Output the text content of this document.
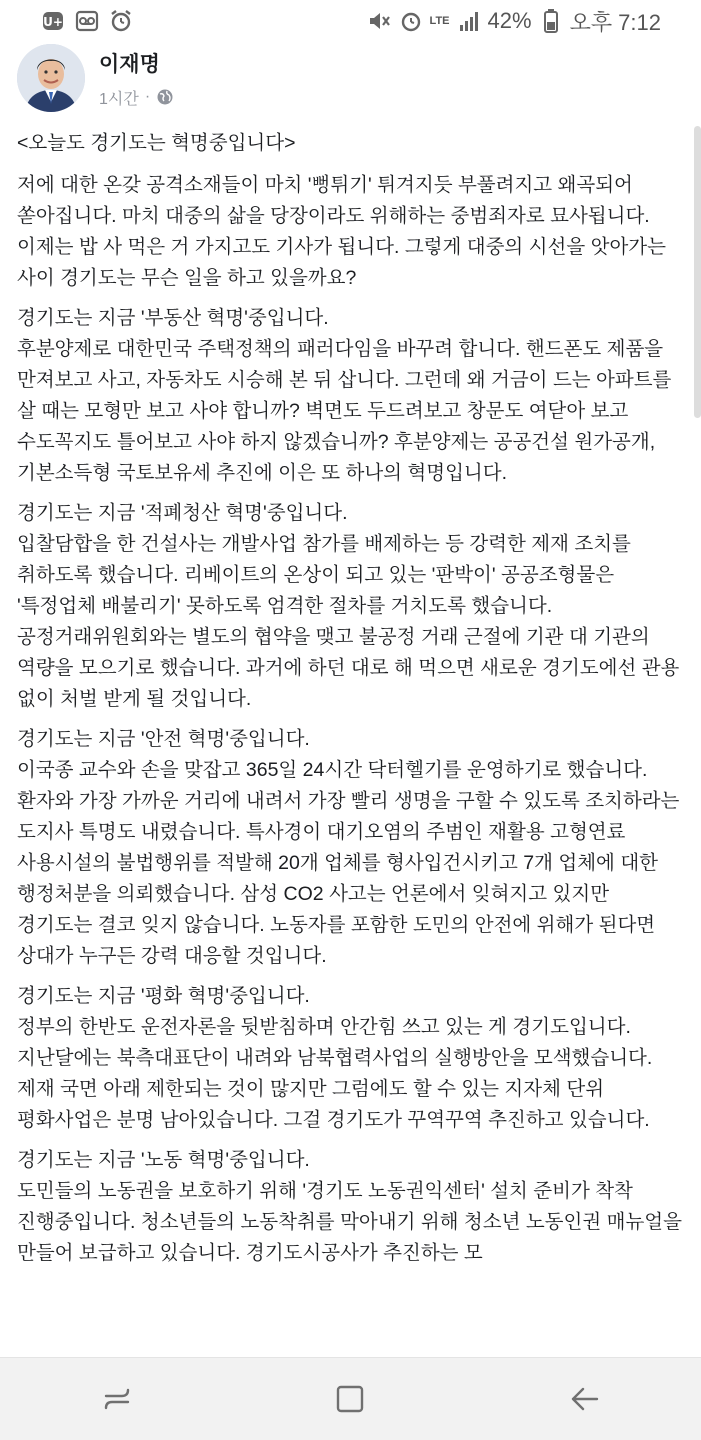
U+	LTE 42% 오후 7:12
이재명
1시간 ·

<오늘도 경기도는 혁명중입니다>

저에 대한 온갖 공격소재들이 마치 '뻥튀기' 튀겨지듯 부풀려지고 왜곡되어 쏟아집니다. 마치 대중의 삶을 당장이라도 위해하는 중범죄자로 묘사됩니다. 이제는 밥 사 먹은 거 가지고도 기사가 됩니다. 그렇게 대중의 시선을 앗아가는 사이 경기도는 무슨 일을 하고 있을까요?

경기도는 지금 '부동산 혁명'중입니다.
후분양제로 대한민국 주택정책의 패러다임을 바꾸려 합니다. 핸드폰도 제품을 만져보고 사고, 자동차도 시승해 본 뒤 삽니다. 그런데 왜 거금이 드는 아파트를 살 때는 모형만 보고 사야 합니까? 벽면도 두드려보고 창문도 여닫아 보고 수도꼭지도 틀어보고 사야 하지 않겠습니까? 후분양제는 공공건설 원가공개, 기본소득형 국토보유세 추진에 이은 또 하나의 혁명입니다.

경기도는 지금 '적폐청산 혁명'중입니다.
입찰담합을 한 건설사는 개발사업 참가를 배제하는 등 강력한 제재 조치를 취하도록 했습니다. 리베이트의 온상이 되고 있는 '판박이' 공공조형물은 '특정업체 배불리기' 못하도록 엄격한 절차를 거치도록 했습니다. 공정거래위원회와는 별도의 협약을 맺고 불공정 거래 근절에 기관 대 기관의 역량을 모으기로 했습니다. 과거에 하던 대로 해 먹으면 새로운 경기도에선 관용 없이 처벌 받게 될 것입니다.

경기도는 지금 '안전 혁명'중입니다.
이국종 교수와 손을 맞잡고 365일 24시간 닥터헬기를 운영하기로 했습니다. 환자와 가장 가까운 거리에 내려서 가장 빨리 생명을 구할 수 있도록 조치하라는 도지사 특명도 내렸습니다. 특사경이 대기오염의 주범인 재활용 고형연료 사용시설의 불법행위를 적발해 20개 업체를 형사입건시키고 7개 업체에 대한 행정처분을 의뢰했습니다. 삼성 CO2 사고는 언론에서 잊혀지고 있지만 경기도는 결코 잊지 않습니다. 노동자를 포함한 도민의 안전에 위해가 된다면 상대가 누구든 강력 대응할 것입니다.

경기도는 지금 '평화 혁명'중입니다.
정부의 한반도 운전자론을 뒷받침하며 안간힘 쓰고 있는 게 경기도입니다. 지난달에는 북측대표단이 내려와 남북협력사업의 실행방안을 모색했습니다. 제재 국면 아래 제한되는 것이 많지만 그럼에도 할 수 있는 지자체 단위 평화사업은 분명 남아있습니다. 그걸 경기도가 꾸역꾸역 추진하고 있습니다.

경기도는 지금 '노동 혁명'중입니다.
도민들의 노동권을 보호하기 위해 '경기도 노동권익센터' 설치 준비가 착착 진행중입니다. 청소년들의 노동착취를 막아내기 위해 청소년 노동인권 매뉴얼을 만들어 보급하고 있습니다. 경기도시공사가 추진하는 모
